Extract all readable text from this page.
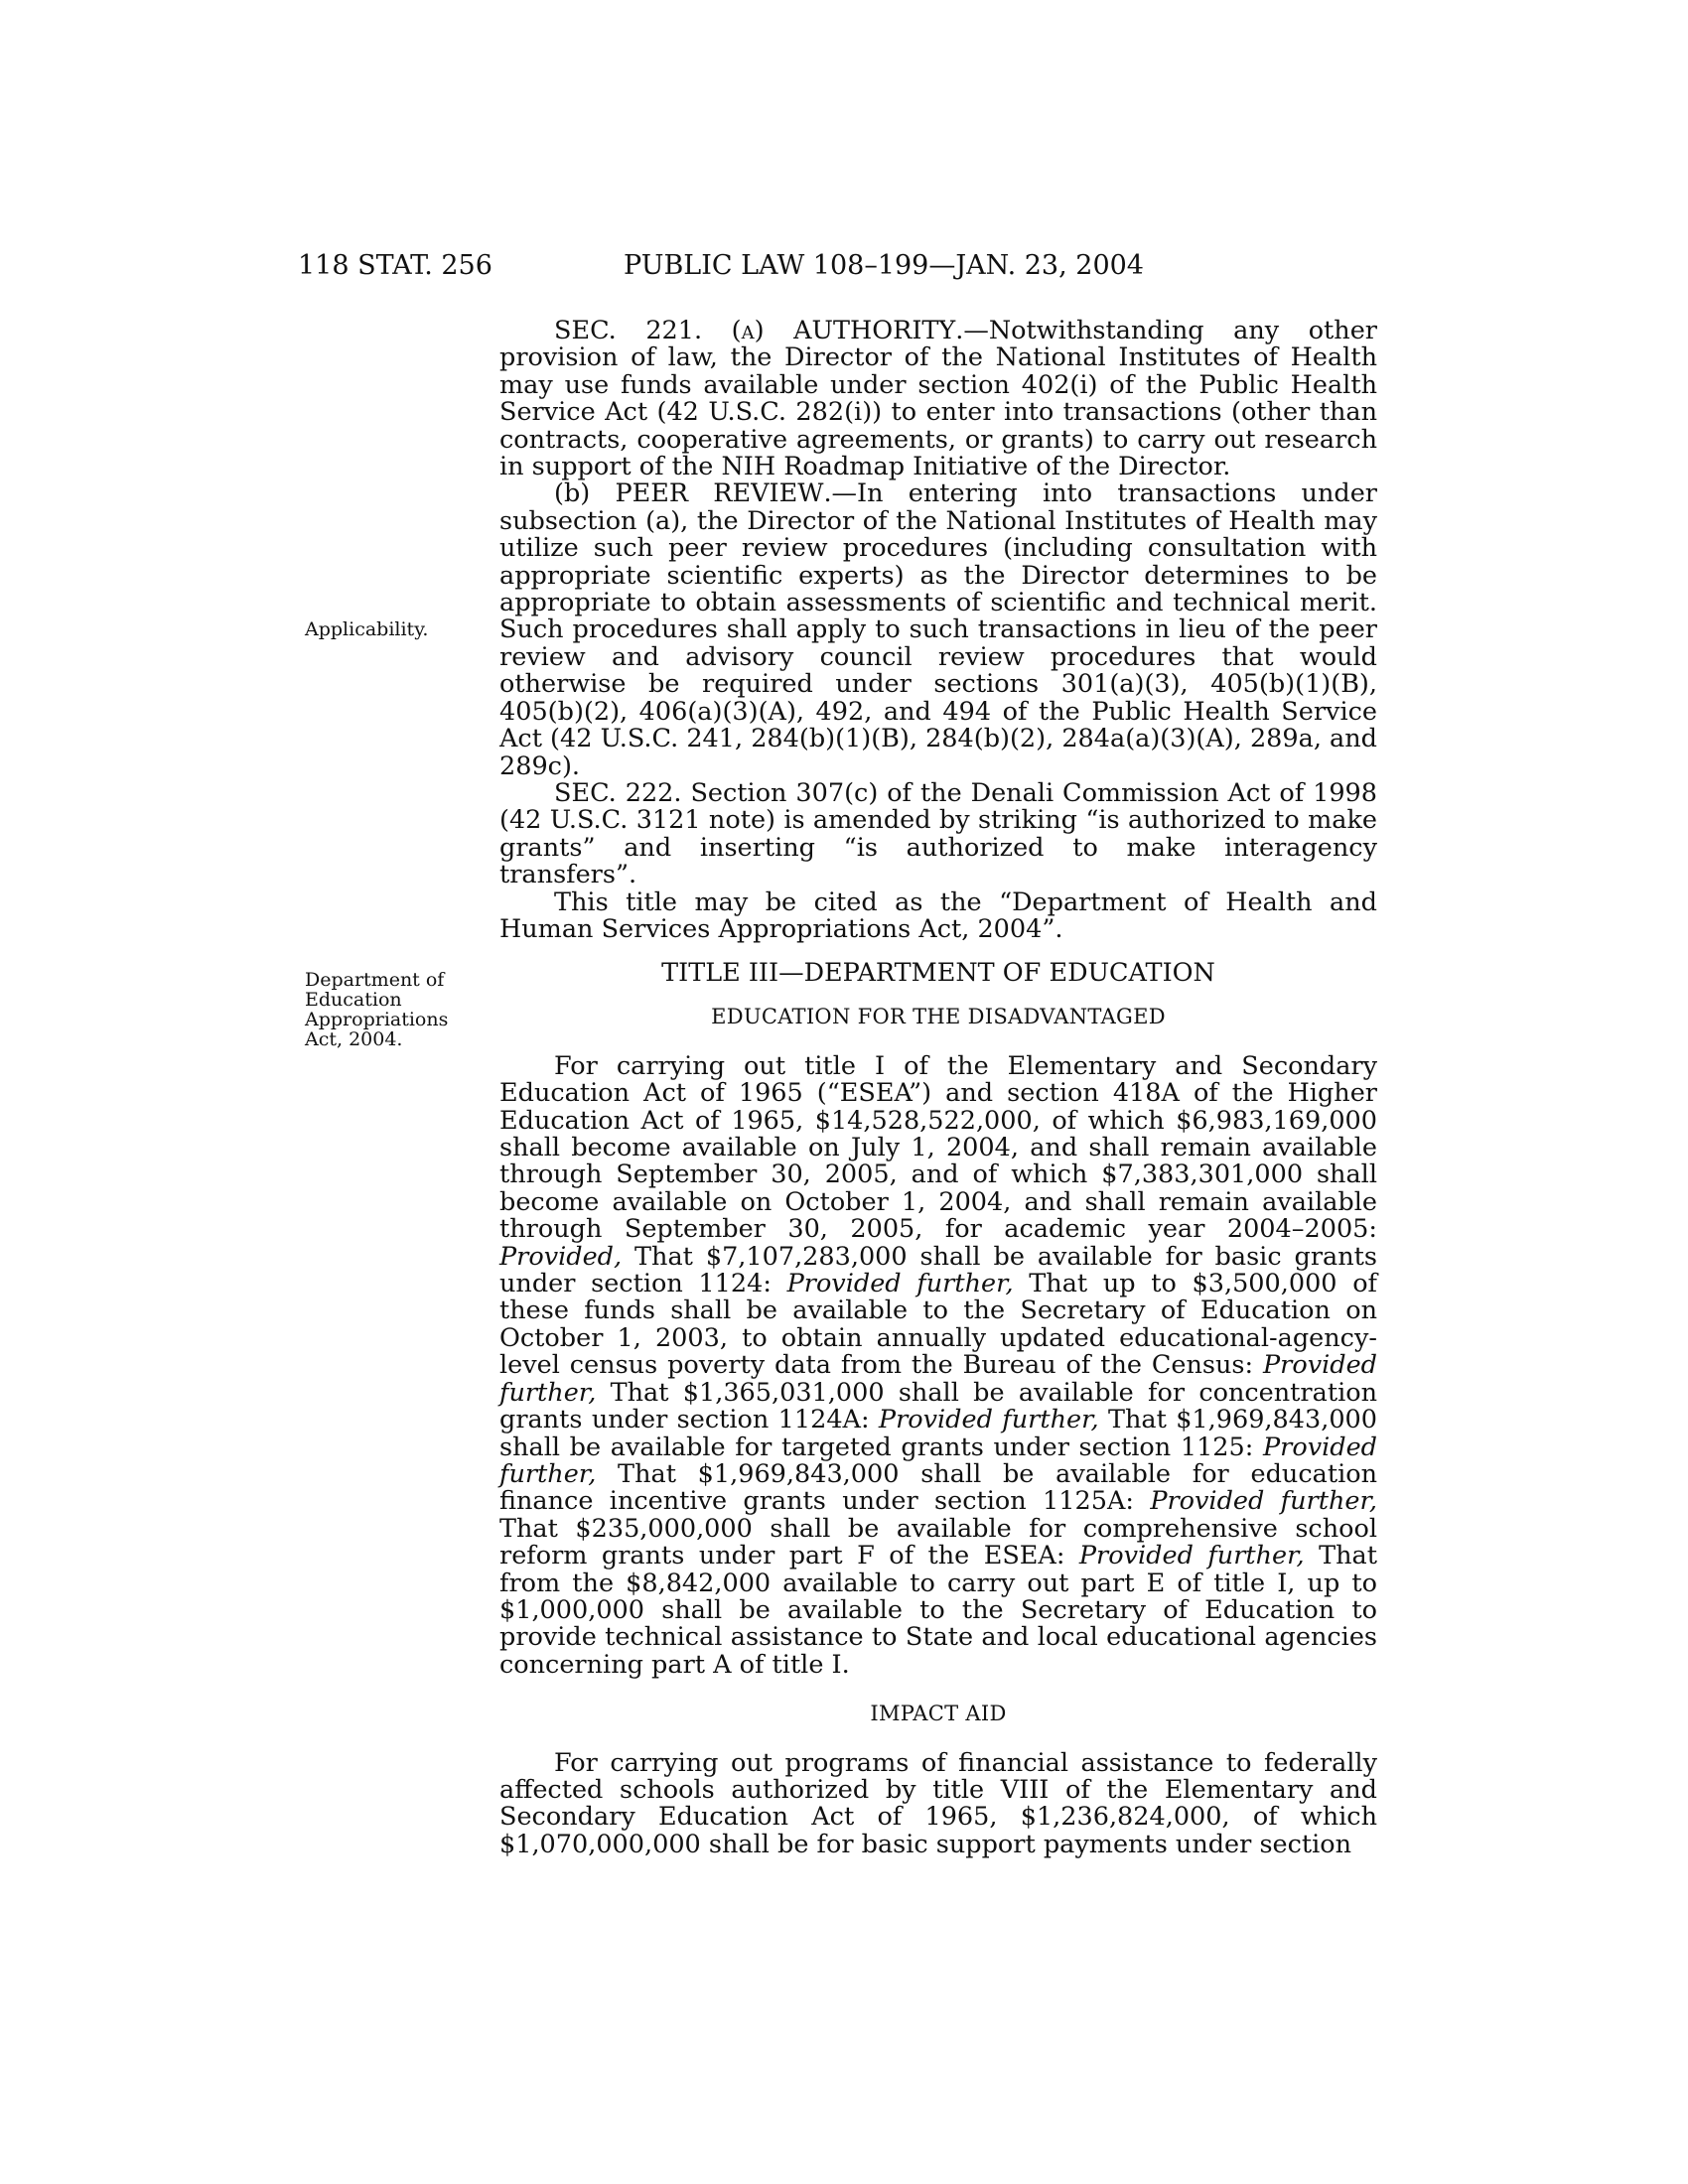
118 STAT. 256	PUBLIC LAW 108–199—JAN. 23, 2004
Applicability.
Department of Education Appropriations Act, 2004.

SEC. 221. (a) AUTHORITY.—Notwithstanding any other provision of law, the Director of the National Institutes of Health may use funds available under section 402(i) of the Public Health Service Act (42 U.S.C. 282(i)) to enter into transactions (other than contracts, cooperative agreements, or grants) to carry out research in support of the NIH Roadmap Initiative of the Director.

(b) PEER REVIEW.—In entering into transactions under subsection (a), the Director of the National Institutes of Health may utilize such peer review procedures (including consultation with appropriate scientific experts) as the Director determines to be appropriate to obtain assessments of scientific and technical merit. Such procedures shall apply to such transactions in lieu of the peer review and advisory council review procedures that would otherwise be required under sections 301(a)(3), 405(b)(1)(B), 405(b)(2), 406(a)(3)(A), 492, and 494 of the Public Health Service Act (42 U.S.C. 241, 284(b)(1)(B), 284(b)(2), 284a(a)(3)(A), 289a, and 289c).

SEC. 222. Section 307(c) of the Denali Commission Act of 1998 (42 U.S.C. 3121 note) is amended by striking “is authorized to make grants” and inserting “is authorized to make interagency transfers”.

This title may be cited as the “Department of Health and Human Services Appropriations Act, 2004”.

TITLE III—DEPARTMENT OF EDUCATION
EDUCATION FOR THE DISADVANTAGED

For carrying out title I of the Elementary and Secondary Education Act of 1965 (“ESEA”) and section 418A of the Higher Education Act of 1965, $14,528,522,000, of which $6,983,169,000 shall become available on July 1, 2004, and shall remain available through September 30, 2005, and of which $7,383,301,000 shall become available on October 1, 2004, and shall remain available through September 30, 2005, for academic year 2004–2005: Provided, That $7,107,283,000 shall be available for basic grants under section 1124: Provided further, That up to $3,500,000 of these funds shall be available to the Secretary of Education on October 1, 2003, to obtain annually updated educational-agency-level census poverty data from the Bureau of the Census: Provided further, That $1,365,031,000 shall be available for concentration grants under section 1124A: Provided further, That $1,969,843,000 shall be available for targeted grants under section 1125: Provided further, That $1,969,843,000 shall be available for education finance incentive grants under section 1125A: Provided further, That $235,000,000 shall be available for comprehensive school reform grants under part F of the ESEA: Provided further, That from the $8,842,000 available to carry out part E of title I, up to $1,000,000 shall be available to the Secretary of Education to provide technical assistance to State and local educational agencies concerning part A of title I.

IMPACT AID

For carrying out programs of financial assistance to federally affected schools authorized by title VIII of the Elementary and Secondary Education Act of 1965, $1,236,824,000, of which $1,070,000,000 shall be for basic support payments under section
